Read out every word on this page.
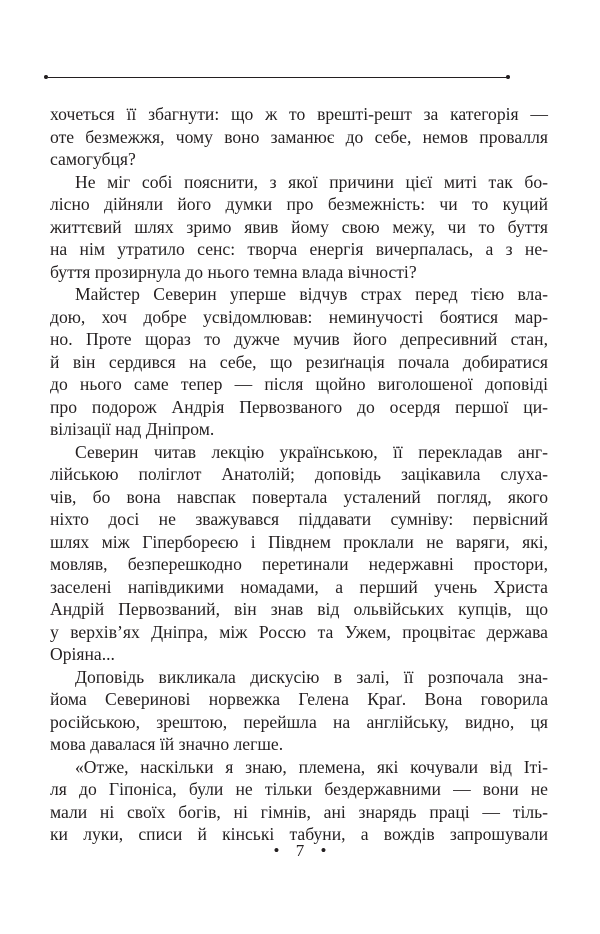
хочеться її збагнути: що ж то врешті-решт за категорія —
оте безмежжя, чому воно заманює до себе, немов провалля
самогубця?
Не міг собі пояснити, з якої причини цієї миті так бо-
лісно дійняли його думки про безмежність: чи то куций
життєвий шлях зримо явив йому свою межу, чи то буття
на нім утратило сенс: творча енергія вичерпалась, а з не-
буття прозирнула до нього темна влада вічності?
Майстер Северин уперше відчув страх перед тією вла-
дою, хоч добре усвідомлював: неминучості боятися мар-
но. Проте щораз то дужче мучив його депресивний стан,
й він сердився на себе, що резиґнація почала добиратися
до нього саме тепер — після щойно виголошеної доповіді
про подорож Андрія Первозваного до осердя першої ци-
вілізації над Дніпром.
Северин читав лекцію українською, її перекладав анг-
лійською поліглот Анатолій; доповідь зацікавила слуха-
чів, бо вона навспак повертала усталений погляд, якого
ніхто досі не зважувався піддавати сумніву: первісний
шлях між Гіпербореєю і Півднем проклали не варяги, які,
мовляв, безперешкодно перетинали недержавні простори,
заселені напівдикими номадами, а перший учень Христа
Андрій Первозваний, він знав від ольвійських купців, що
у верхів’ях Дніпра, між Россю та Ужем, процвітає держава
Оріяна...
Доповідь викликала дискусію в залі, її розпочала зна-
йома Северинові норвежка Гелена Краґ. Вона говорила
російською, зрештою, перейшла на англійську, видно, ця
мова давалася їй значно легше.
«Отже, наскільки я знаю, племена, які кочували від Іті-
ля до Гіпоніса, були не тільки бездержавними — вони не
мали ні своїх богів, ні гімнів, ані знарядь праці — тіль-
ки луки, списи й кінські табуни, а вождів запрошували
• 7 •
